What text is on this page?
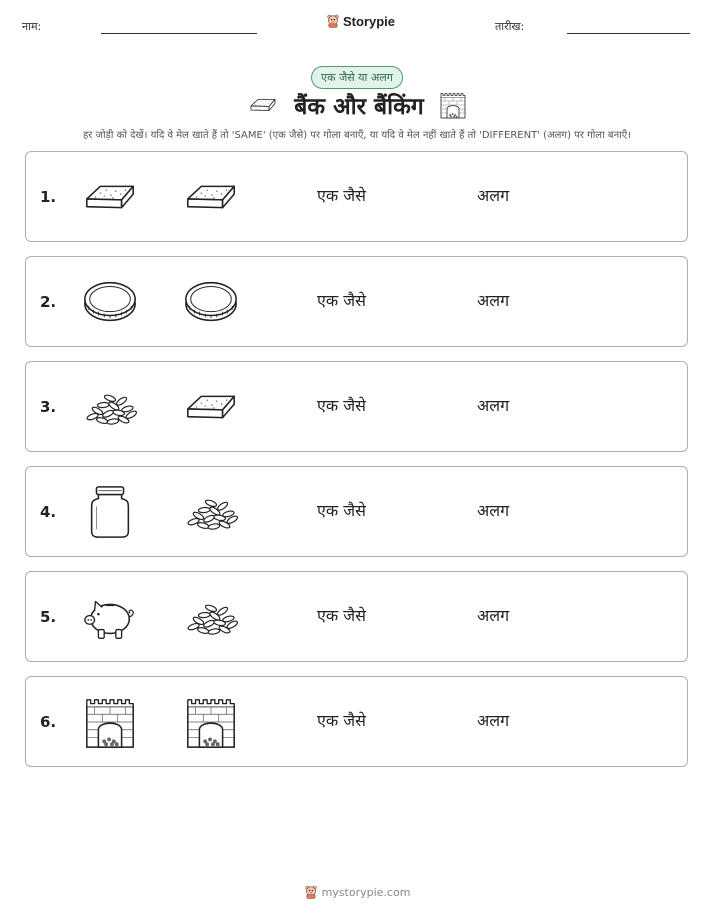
नाम:	Storypie	तारीख:
एक जैसे या अलग
बैंक और बैंकिंग
हर जोड़ी को देखें। यदि वे मेल खाते हैं तो 'SAME' (एक जैसे) पर गोला बनाएँ, या यदि वे मेल नहीं खाते हैं तो 'DIFFERENT' (अलग) पर गोला बनाएँ।
1.	एक जैसे	अलग
2.	एक जैसे	अलग
3.	एक जैसे	अलग
4.	एक जैसे	अलग
5.	एक जैसे	अलग
6.	एक जैसे	अलग
mystorypie.com
